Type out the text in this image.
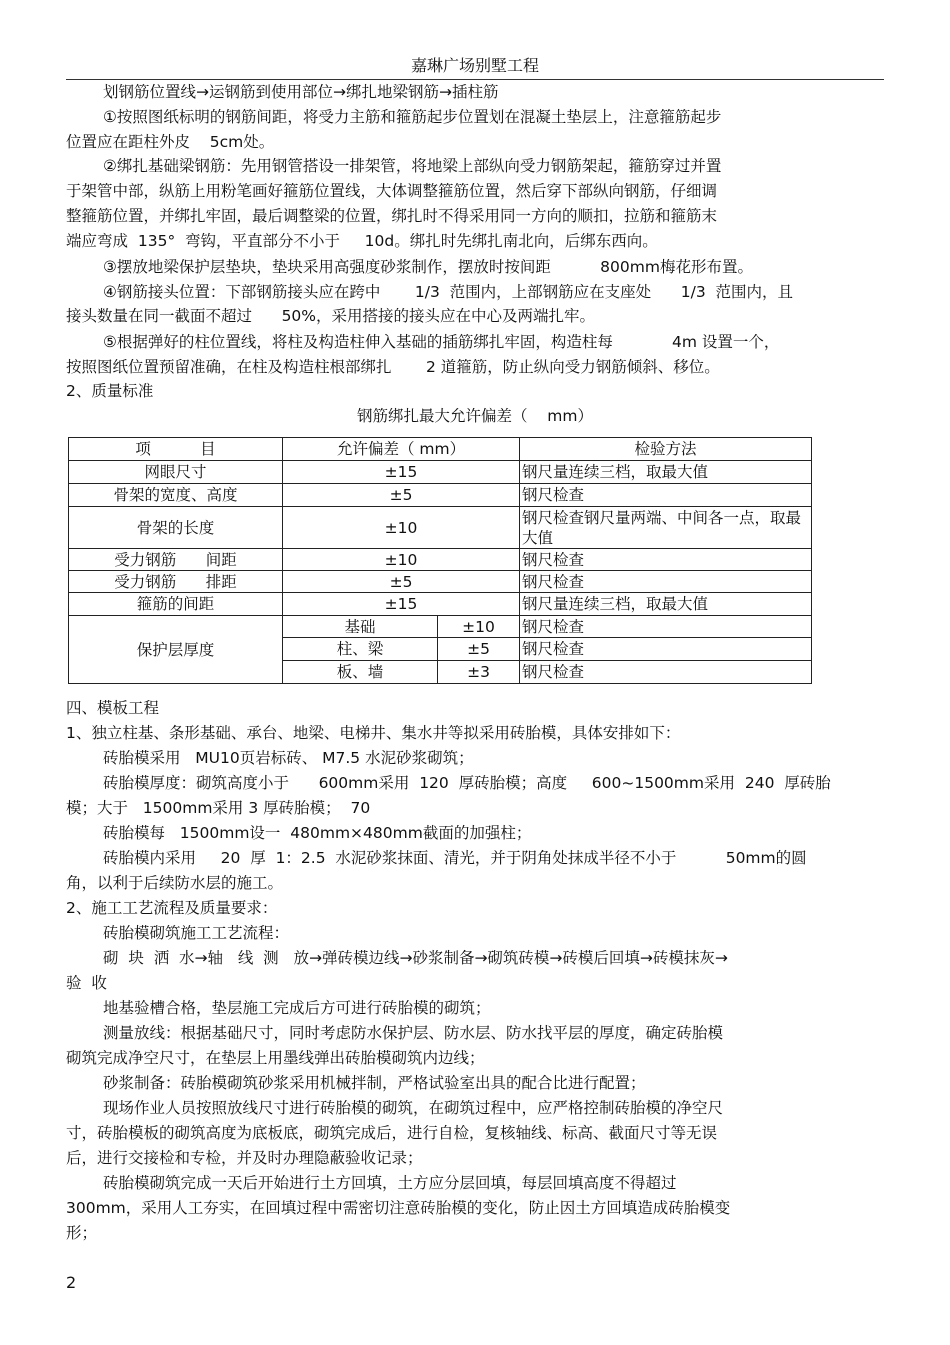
嘉琳广场别墅工程
划钢筋位置线→运钢筋到使用部位→绑扎地梁钢筋→插柱筋
①按照图纸标明的钢筋间距，将受力主筋和箍筋起步位置划在混凝土垫层上，注意箍筋起步
位置应在距柱外皮    5cm处。
②绑扎基础梁钢筋：先用钢管搭设一排架管，将地梁上部纵向受力钢筋架起，箍筋穿过并置
于架管中部，纵筋上用粉笔画好箍筋位置线，大体调整箍筋位置，然后穿下部纵向钢筋，仔细调
整箍筋位置，并绑扎牢固，最后调整梁的位置，绑扎时不得采用同一方向的顺扣，拉筋和箍筋末
端应弯成  135°  弯钩，平直部分不小于     10d。绑扎时先绑扎南北向，后绑东西向。
③摆放地梁保护层垫块，垫块采用高强度砂浆制作，摆放时按间距          800mm梅花形布置。
④钢筋接头位置：下部钢筋接头应在跨中       1/3  范围内，上部钢筋应在支座处      1/3  范围内，且
接头数量在同一截面不超过      50%，采用搭接的接头应在中心及两端扎牢。
⑤根据弹好的柱位置线，将柱及构造柱伸入基础的插筋绑扎牢固，构造柱每            4m 设置一个，
按照图纸位置预留准确，在柱及构造柱根部绑扎       2 道箍筋，防止纵向受力钢筋倾斜、移位。
2、质量标准
钢筋绑扎最大允许偏差（    mm）
项          目	允许偏差（ mm）		检验方法
网眼尺寸	±15		钢尺量连续三档，取最大值
骨架的宽度、高度	±5		钢尺检查
骨架的长度	±10		钢尺检查钢尺量两端、中间各一点，取最大值
受力钢筋      间距	±10		钢尺检查
受力钢筋      排距	±5		钢尺检查
箍筋的间距	±15		钢尺量连续三档，取最大值
保护层厚度	基础	±10	钢尺检查
	柱、梁	±5	钢尺检查
	板、墙	±3	钢尺检查
四、模板工程
1、独立柱基、条形基础、承台、地梁、电梯井、集水井等拟采用砖胎模，具体安排如下：
砖胎模采用   MU10页岩标砖、 M7.5 水泥砂浆砌筑；
砖胎模厚度：砌筑高度小于      600mm采用  120  厚砖胎模；高度     600~1500mm采用  240  厚砖胎
模；大于   1500mm采用 3 厚砖胎模；  70
砖胎模每   1500mm设一  480mm×480mm截面的加强柱；
砖胎模内采用     20  厚  1：2.5  水泥砂浆抹面、清光，并于阴角处抹成半径不小于          50mm的圆
角，以利于后续防水层的施工。
2、施工工艺流程及质量要求：
砖胎模砌筑施工工艺流程：
砌  块  洒  水→轴   线  测   放→弹砖模边线→砂浆制备→砌筑砖模→砖模后回填→砖模抹灰→
验  收
地基验槽合格，垫层施工完成后方可进行砖胎模的砌筑；
测量放线：根据基础尺寸，同时考虑防水保护层、防水层、防水找平层的厚度，确定砖胎模
砌筑完成净空尺寸，在垫层上用墨线弹出砖胎模砌筑内边线；
砂浆制备：砖胎模砌筑砂浆采用机械拌制，严格试验室出具的配合比进行配置；
现场作业人员按照放线尺寸进行砖胎模的砌筑，在砌筑过程中，应严格控制砖胎模的净空尺
寸，砖胎模板的砌筑高度为底板底，砌筑完成后，进行自检，复核轴线、标高、截面尺寸等无误
后，进行交接检和专检，并及时办理隐蔽验收记录；
砖胎模砌筑完成一天后开始进行土方回填，土方应分层回填，每层回填高度不得超过
300mm，采用人工夯实，在回填过程中需密切注意砖胎模的变化，防止因土方回填造成砖胎模变
形；
2
